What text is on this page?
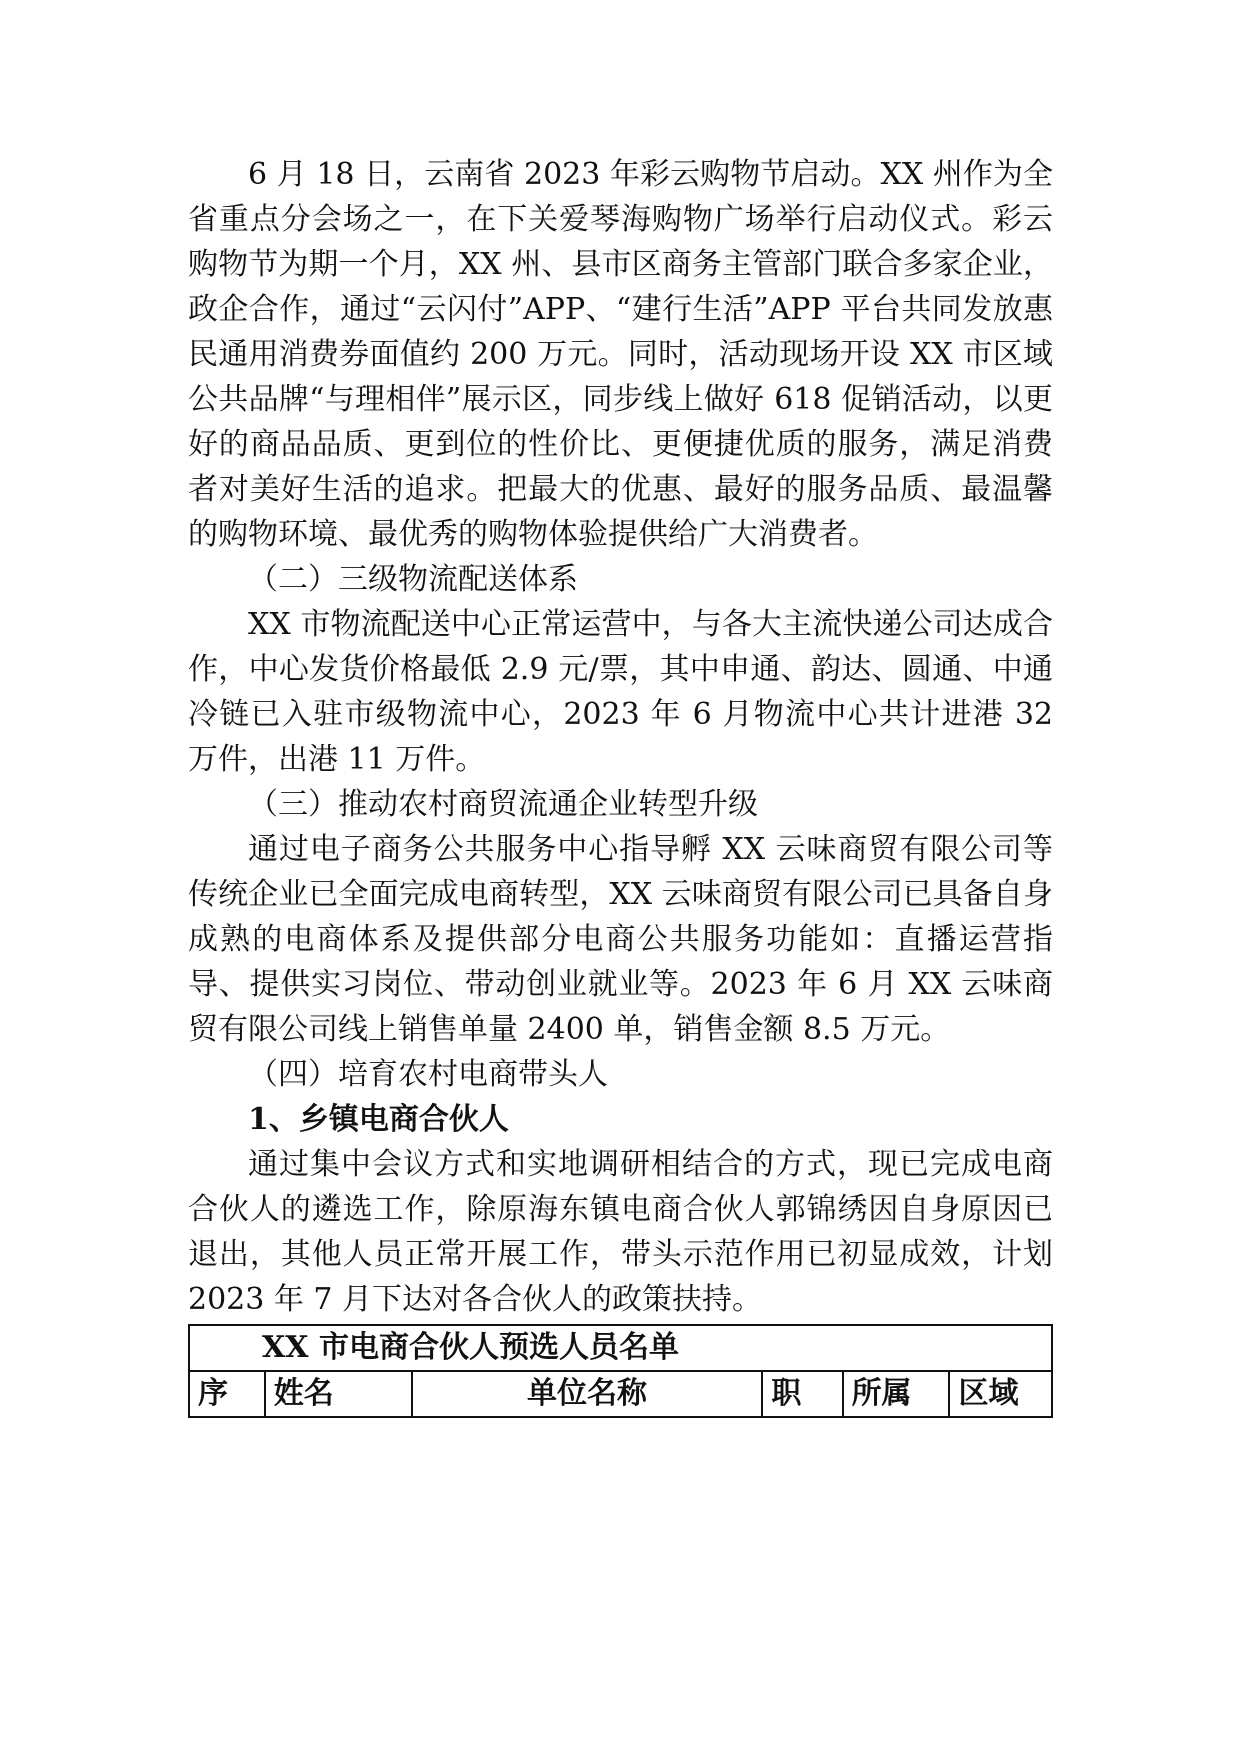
6 月 18 日，云南省 2023 年彩云购物节启动。XX 州作为全省重点分会场之一，在下关爱琴海购物广场举行启动仪式。彩云购物节为期一个月，XX 州、县市区商务主管部门联合多家企业，政企合作，通过“云闪付”APP、“建行生活”APP 平台共同发放惠民通用消费券面值约 200 万元。同时，活动现场开设 XX 市区域公共品牌“与理相伴”展示区，同步线上做好 618 促销活动，以更好的商品品质、更到位的性价比、更便捷优质的服务，满足消费者对美好生活的追求。把最大的优惠、最好的服务品质、最温馨的购物环境、最优秀的购物体验提供给广大消费者。

（二）三级物流配送体系

XX 市物流配送中心正常运营中，与各大主流快递公司达成合作，中心发货价格最低 2.9 元/票，其中申通、韵达、圆通、中通冷链已入驻市级物流中心，2023 年 6 月物流中心共计进港 32 万件，出港 11 万件。

（三）推动农村商贸流通企业转型升级

通过电子商务公共服务中心指导孵 XX 云味商贸有限公司等传统企业已全面完成电商转型，XX 云味商贸有限公司已具备自身成熟的电商体系及提供部分电商公共服务功能如：直播运营指导、提供实习岗位、带动创业就业等。2023 年 6 月 XX 云味商贸有限公司线上销售单量 2400 单，销售金额 8.5 万元。

（四）培育农村电商带头人

1、乡镇电商合伙人

通过集中会议方式和实地调研相结合的方式，现已完成电商合伙人的遴选工作，除原海东镇电商合伙人郭锦绣因自身原因已退出，其他人员正常开展工作，带头示范作用已初显成效，计划 2023 年 7 月下达对各合伙人的政策扶持。

XX 市电商合伙人预选人员名单
序	姓名	单位名称	职	所属	区域
